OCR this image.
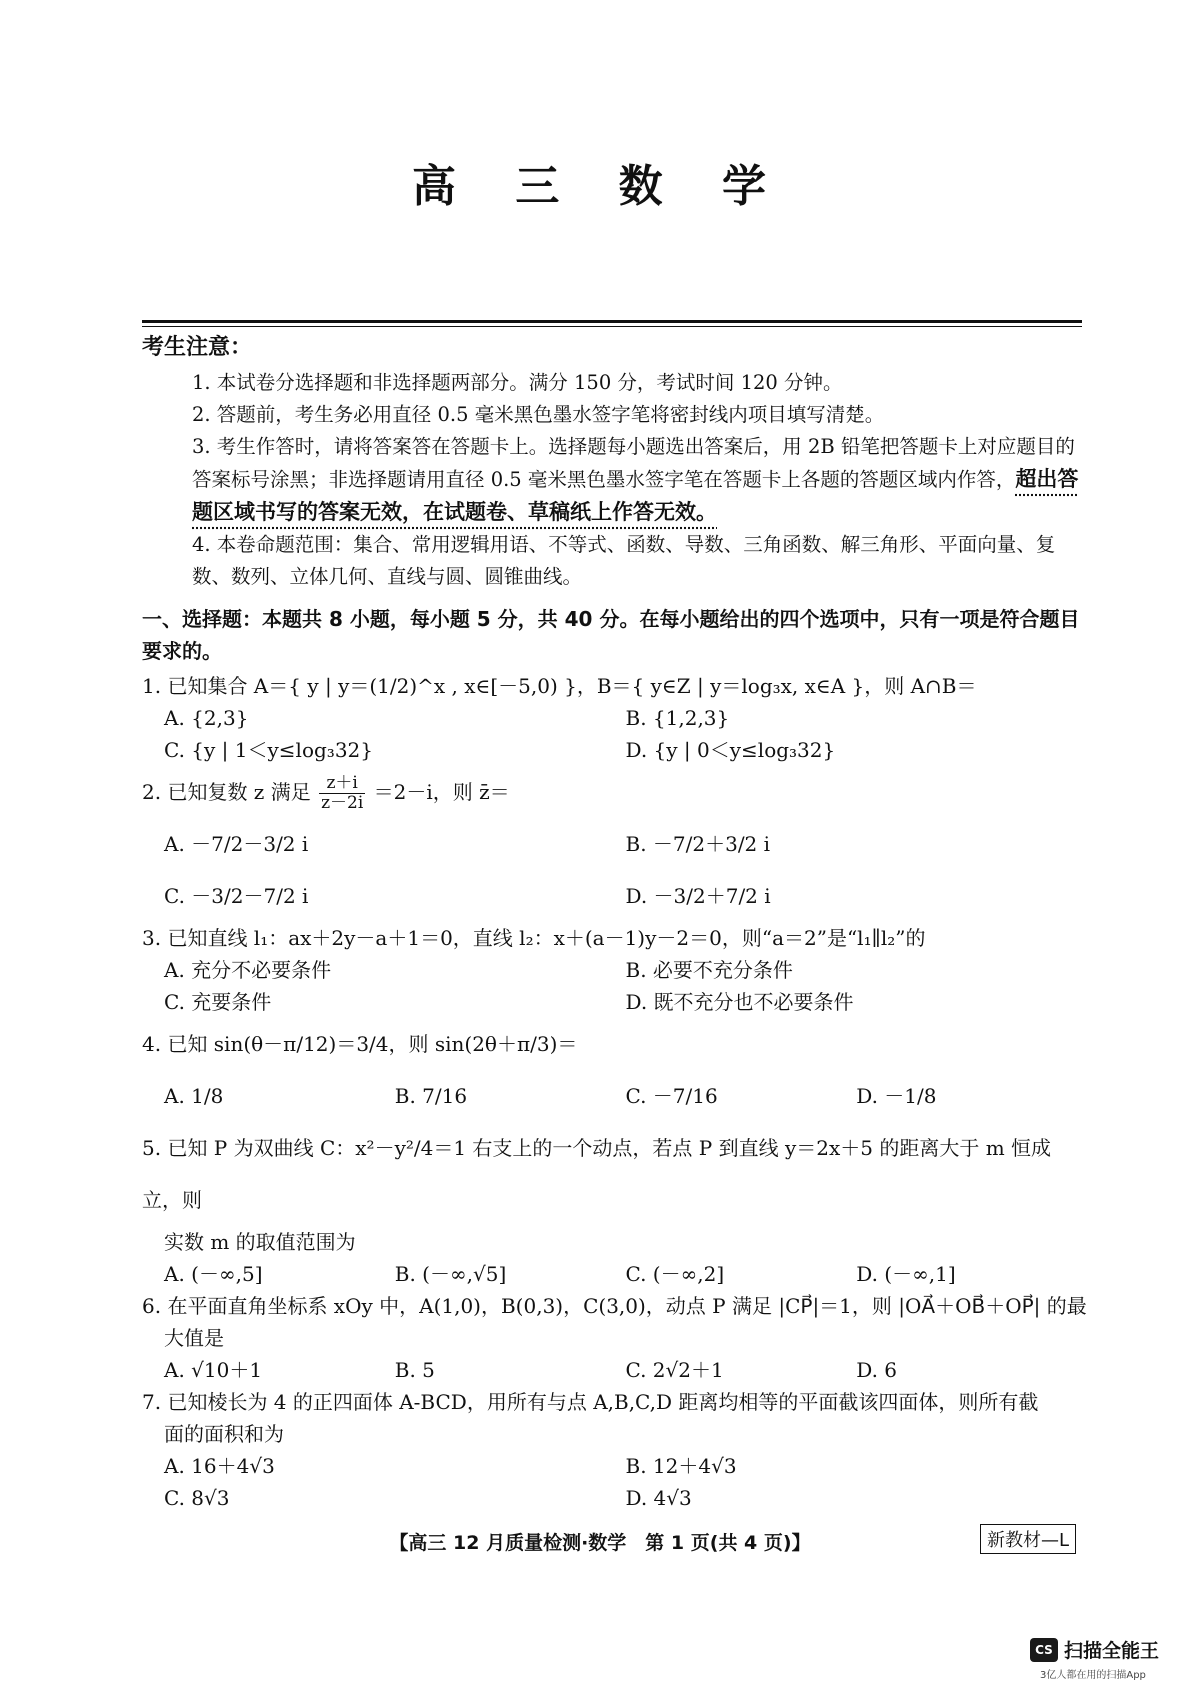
高 三 数 学
考生注意：
1. 本试卷分选择题和非选择题两部分。满分 150 分，考试时间 120 分钟。
2. 答题前，考生务必用直径 0.5 毫米黑色墨水签字笔将密封线内项目填写清楚。
3. 考生作答时，请将答案答在答题卡上。选择题每小题选出答案后，用 2B 铅笔把答题卡上对应题目的答案标号涂黑；非选择题请用直径 0.5 毫米黑色墨水签字笔在答题卡上各题的答题区域内作答，超出答题区域书写的答案无效，在试题卷、草稿纸上作答无效。
4. 本卷命题范围：集合、常用逻辑用语、不等式、函数、导数、三角函数、解三角形、平面向量、复数、数列、立体几何、直线与圆、圆锥曲线。
一、选择题：本题共 8 小题，每小题 5 分，共 40 分。在每小题给出的四个选项中，只有一项是符合题目要求的。
1. 已知集合 A＝{ y | y＝(1/2)^x , x∈[－5,0) }，B＝{ y∈Z | y＝log₃x, x∈A }，则 A∩B＝
A. {2,3}	B. {1,2,3}
C. {y | 1＜y≤log₃32}	D. {y | 0＜y≤log₃32}
2. 已知复数 z 满足 $\frac{z+i}{z-2i} =2-i$，则 z̄＝
A. －7/2－3/2 i	B. －7/2＋3/2 i
C. －3/2－7/2 i	D. －3/2＋7/2 i
3. 已知直线 l₁：ax＋2y－a＋1＝0，直线 l₂：x＋(a－1)y－2＝0，则“a＝2”是“l₁∥l₂”的
A. 充分不必要条件	B. 必要不充分条件
C. 充要条件	D. 既不充分也不必要条件
4. 已知 sin(θ－π/12)＝3/4，则 sin(2θ＋π/3)＝
A. 1/8	B. 7/16	C. －7/16	D. －1/8
5. 已知 P 为双曲线 C：x²－y²/4＝1 右支上的一个动点，若点 P 到直线 y＝2x＋5 的距离大于 m 恒成立，则
实数 m 的取值范围为
A. (－∞,5]	B. (－∞,√5]	C. (－∞,2]	D. (－∞,1]
6. 在平面直角坐标系 xOy 中，A(1,0)，B(0,3)，C(3,0)，动点 P 满足 |CP⃗|＝1，则 |OA⃗＋OB⃗＋OP⃗| 的最
大值是
A. √10＋1	B. 5	C. 2√2＋1	D. 6
7. 已知棱长为 4 的正四面体 A-BCD，用所有与点 A,B,C,D 距离均相等的平面截该四面体，则所有截
面的面积和为
A. 16＋4√3	B. 12＋4√3
C. 8√3	D. 4√3
【高三 12 月质量检测·数学　第 1 页(共 4 页)】	新教材—L
CS 扫描全能王
3亿人都在用的扫描App
